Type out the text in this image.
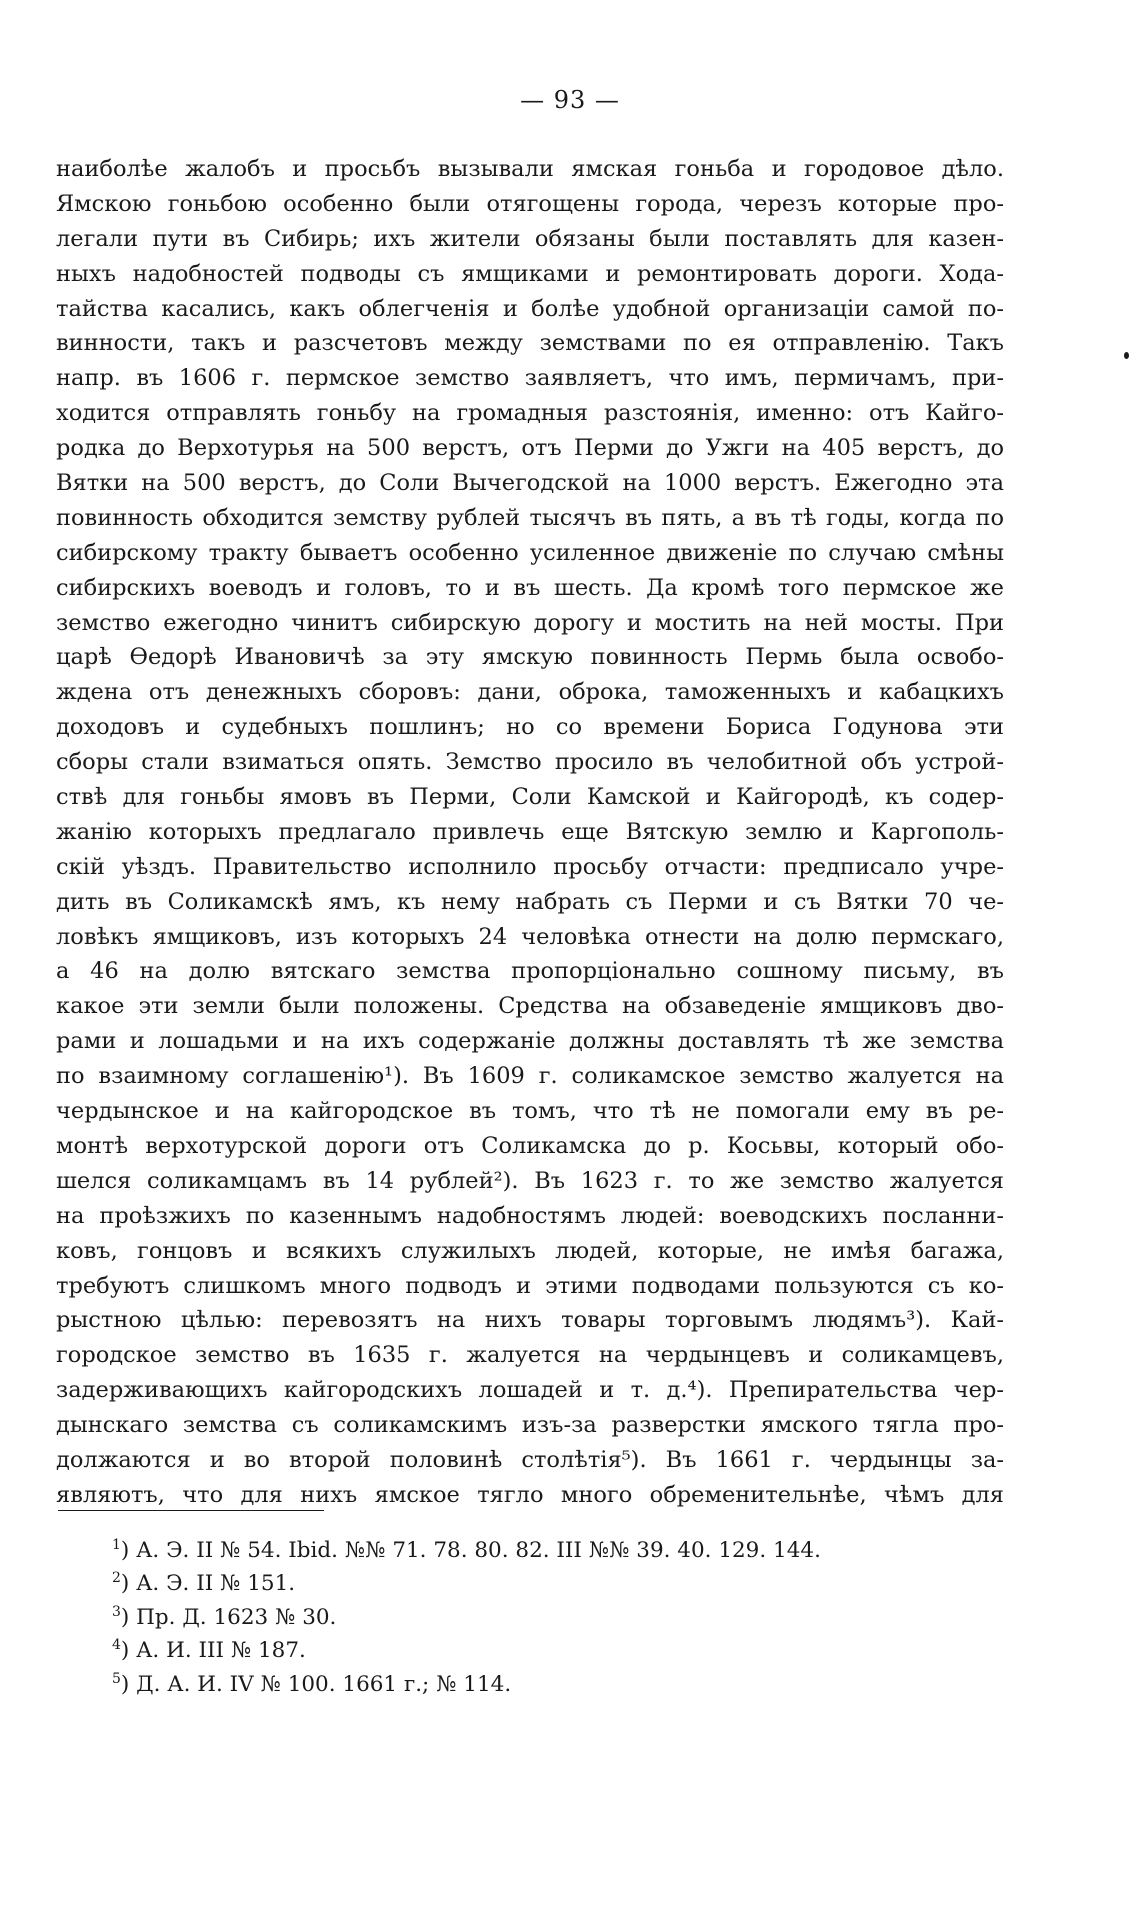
— 93 —
наиболѣе жалобъ и просьбъ вызывали ямская гоньба и городовое дѣло.
Ямскою гоньбою особенно были отягощены города, черезъ которые про-
легали пути въ Сибирь; ихъ жители обязаны были поставлять для казен-
ныхъ надобностей подводы съ ямщиками и ремонтировать дороги. Хода-
тайства касались, какъ облегченія и болѣе удобной организаціи самой по-
винности, такъ и разсчетовъ между земствами по ея отправленію. Такъ
напр. въ 1606 г. пермское земство заявляетъ, что имъ, пермичамъ, при-
ходится отправлять гоньбу на громадныя разстоянія, именно: отъ Кайго-
родка до Верхотурья на 500 верстъ, отъ Перми до Ужги на 405 верстъ, до
Вятки на 500 верстъ, до Соли Вычегодской на 1000 верстъ. Ежегодно эта
повинность обходится земству рублей тысячъ въ пять, а въ тѣ годы, когда по
сибирскому тракту бываетъ особенно усиленное движеніе по случаю смѣны
сибирскихъ воеводъ и головъ, то и въ шесть. Да кромѣ того пермское же
земство ежегодно чинитъ сибирскую дорогу и мостить на ней мосты. При
царѣ Ѳедорѣ Ивановичѣ за эту ямскую повинность Пермь была освобо-
ждена отъ денежныхъ сборовъ: дани, оброка, таможенныхъ и кабацкихъ
доходовъ и судебныхъ пошлинъ; но со времени Бориса Годунова эти
сборы стали взиматься опять. Земство просило въ челобитной объ устрой-
ствѣ для гоньбы ямовъ въ Перми, Соли Камской и Кайгородѣ, къ содер-
жанію которыхъ предлагало привлечь еще Вятскую землю и Каргополь-
скій уѣздъ. Правительство исполнило просьбу отчасти: предписало учре-
дить въ Соликамскѣ ямъ, къ нему набрать съ Перми и съ Вятки 70 че-
ловѣкъ ямщиковъ, изъ которыхъ 24 человѣка отнести на долю пермскаго,
а 46 на долю вятскаго земства пропорціонально сошному письму, въ
какое эти земли были положены. Средства на обзаведеніе ямщиковъ дво-
рами и лошадьми и на ихъ содержаніе должны доставлять тѣ же земства
по взаимному соглашенію¹). Въ 1609 г. соликамское земство жалуется на
чердынское и на кайгородское въ томъ, что тѣ не помогали ему въ ре-
монтѣ верхотурской дороги отъ Соликамска до р. Косьвы, который обо-
шелся соликамцамъ въ 14 рублей²). Въ 1623 г. то же земство жалуется
на проѣзжихъ по казеннымъ надобностямъ людей: воеводскихъ посланни-
ковъ, гонцовъ и всякихъ служилыхъ людей, которые, не имѣя багажа,
требуютъ слишкомъ много подводъ и этими подводами пользуются съ ко-
рыстною цѣлью: перевозятъ на нихъ товары торговымъ людямъ³). Кай-
городское земство въ 1635 г. жалуется на чердынцевъ и соликамцевъ,
задерживающихъ кайгородскихъ лошадей и т. д.⁴). Препирательства чер-
дынскаго земства съ соликамскимъ изъ-за разверстки ямского тягла про-
должаются и во второй половинѣ столѣтія⁵). Въ 1661 г. чердынцы за-
являютъ, что для нихъ ямское тягло много обременительнѣе, чѣмъ для
$^1$) А. Э. II № 54. Ibid. №№ 71. 78. 80. 82. III №№ 39. 40. 129. 144.
$^2$) А. Э. II № 151.
$^3$) Пр. Д. 1623 № 30.
$^4$) А. И. III № 187.
$^5$) Д. А. И. IV № 100. 1661 г.; № 114.
